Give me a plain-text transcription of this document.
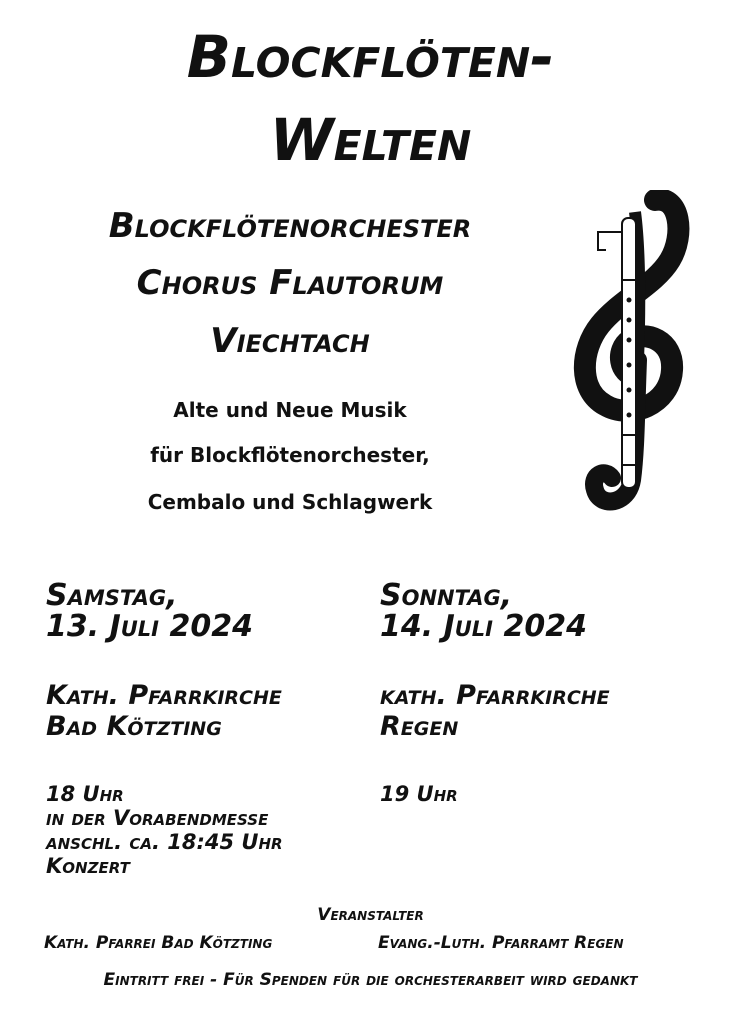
Blockflöten-
Welten
Blockflötenorchester
Chorus Flautorum
Viechtach
Alte und Neue Musik
für Blockflötenorchester,
Cembalo und Schlagwerk
Samstag,
13. Juli 2024
Kath. Pfarrkirche
Bad Kötzting
18 Uhr
in der Vorabendmesse
anschl. ca. 18:45 Uhr
Konzert
Sonntag,
14. Juli 2024
kath. Pfarrkirche
Regen
19 Uhr
Veranstalter
Kath. Pfarrei Bad Kötzting	Evang.-Luth. Pfarramt Regen
Eintritt frei - Für Spenden für die orchesterarbeit wird gedankt
